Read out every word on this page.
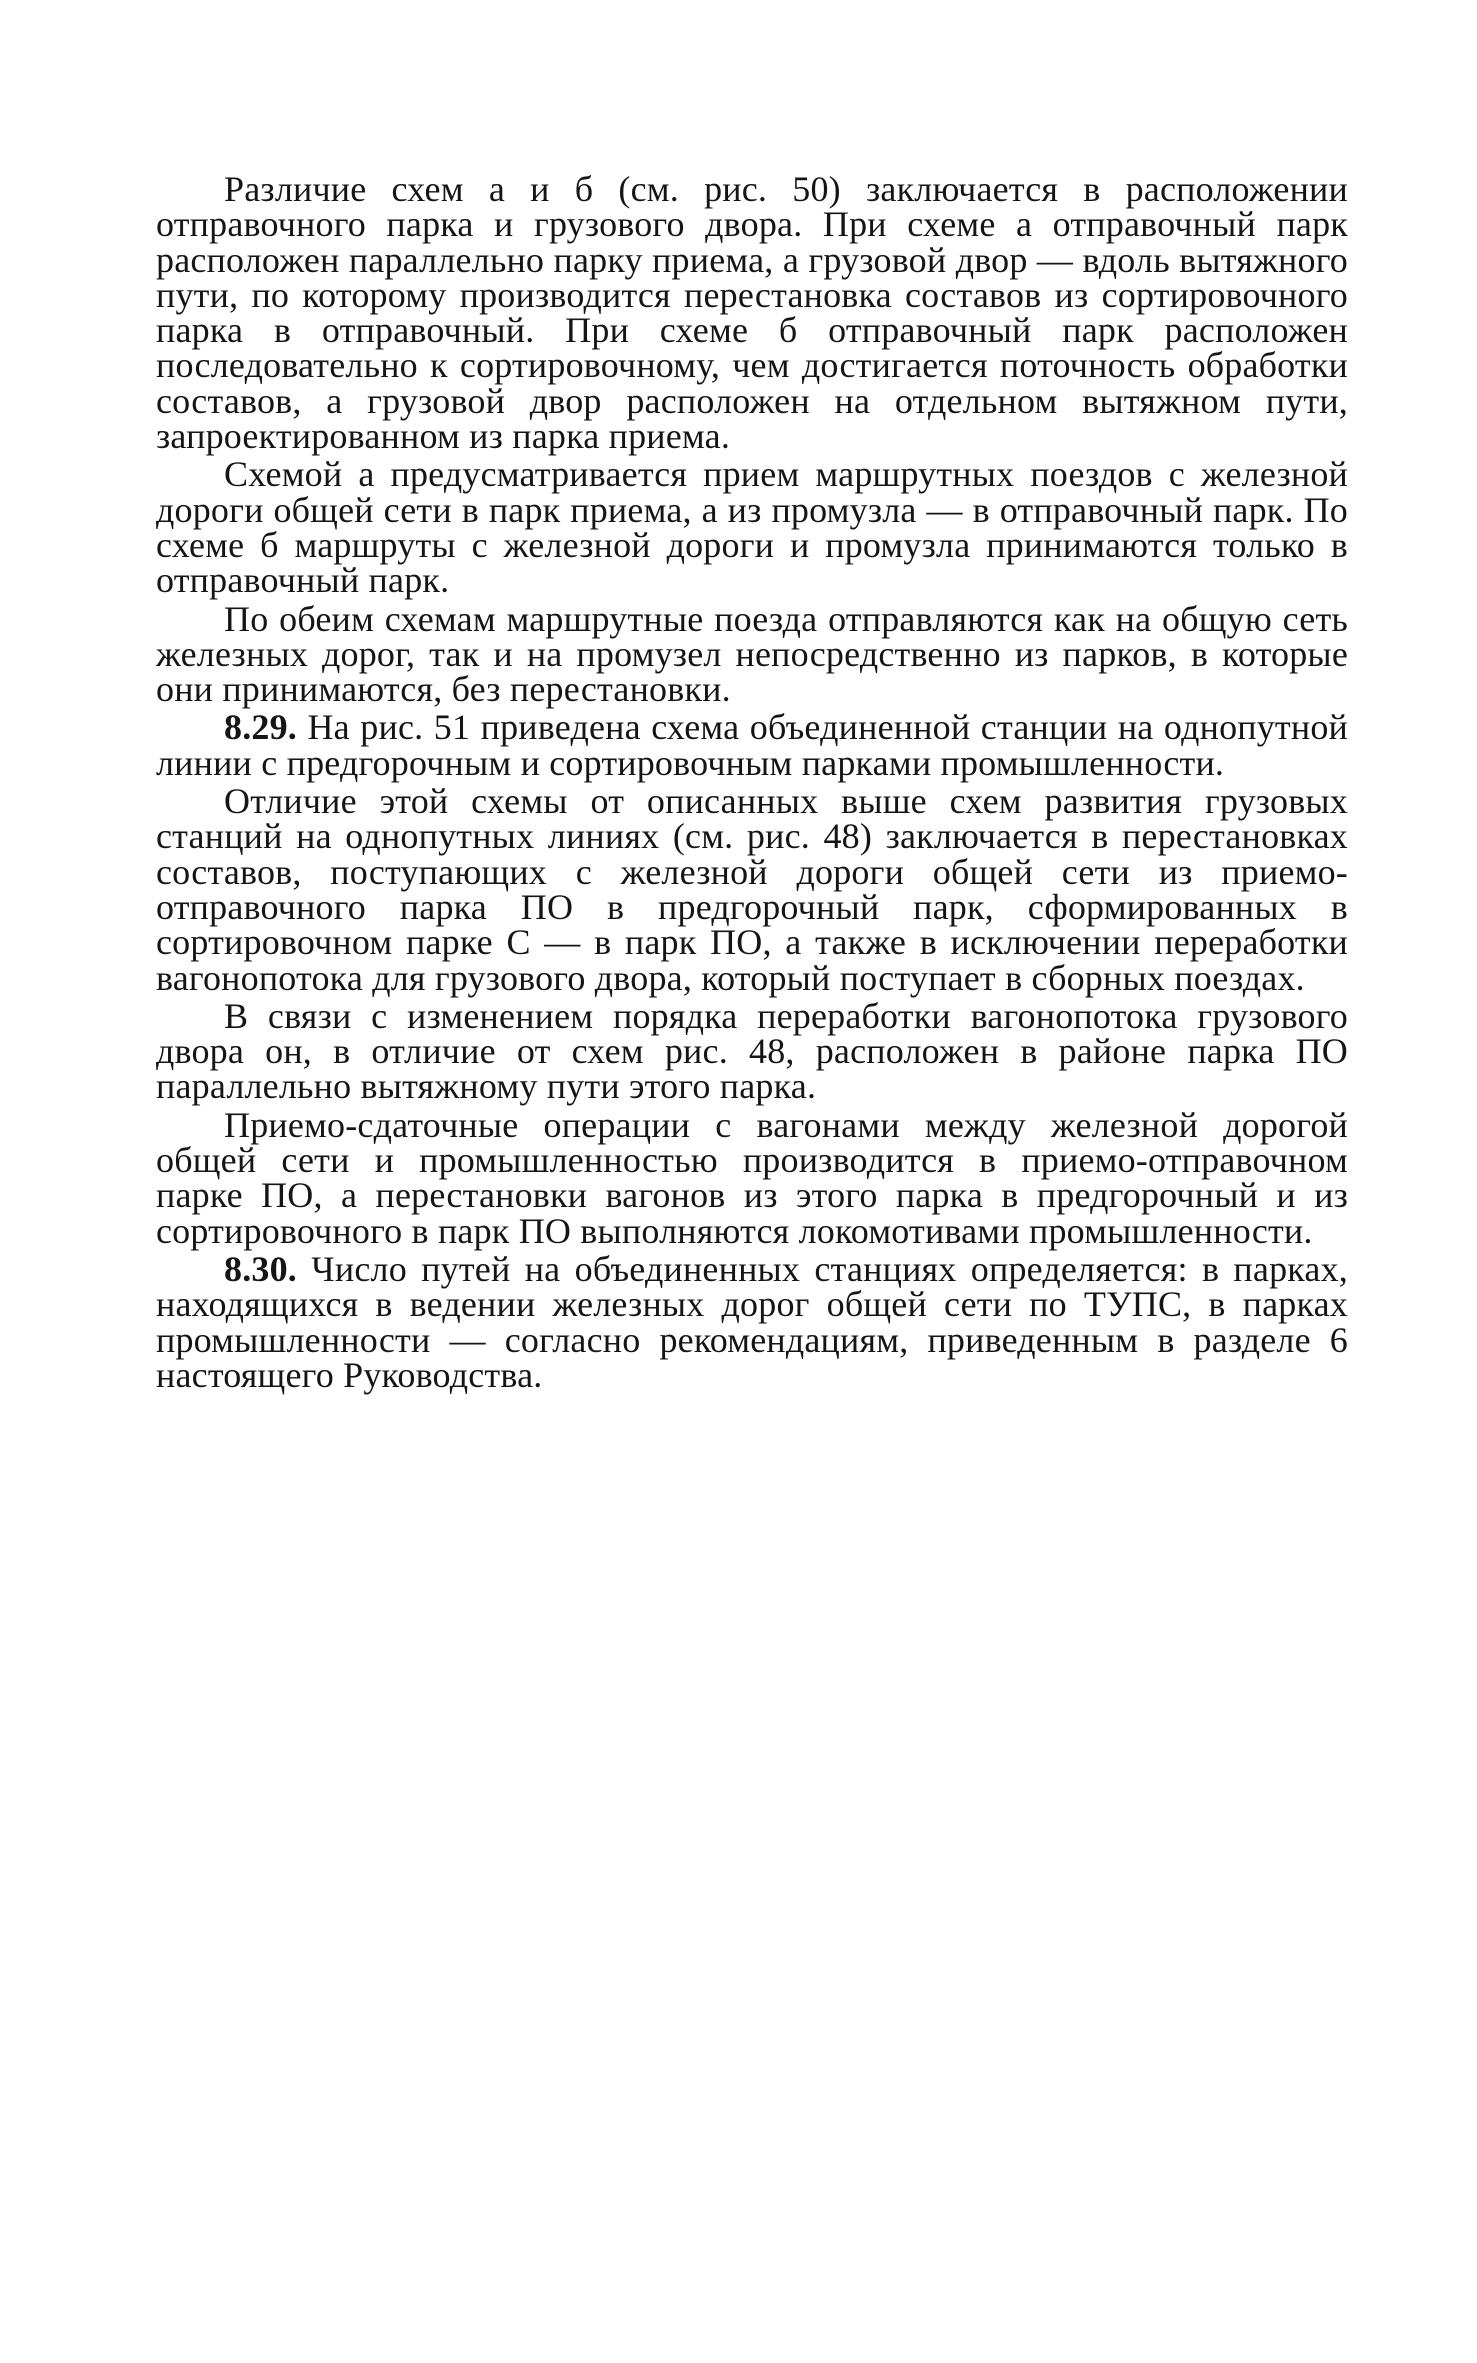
Различие схем а и б (см. рис. 50) заключается в расположении отправочного парка и грузового двора. При схеме а отправочный парк расположен параллельно парку приема, а грузовой двор — вдоль вытяжного пути, по которому производится перестановка составов из сортировочного парка в отправочный. При схеме б отправочный парк расположен последовательно к сортировочному, чем достигается поточность обработки составов, а грузовой двор расположен на отдельном вытяжном пути, запроектированном из парка приема.

Схемой а предусматривается прием маршрутных поездов с железной дороги общей сети в парк приема, а из промузла — в отправочный парк. По схеме б маршруты с железной дороги и промузла принимаются только в отправочный парк.

По обеим схемам маршрутные поезда отправляются как на общую сеть железных дорог, так и на промузел непосредственно из парков, в которые они принимаются, без перестановки.

8.29. На рис. 51 приведена схема объединенной станции на однопутной линии с предгорочным и сортировочным парками промышленности.

Отличие этой схемы от описанных выше схем развития грузовых станций на однопутных линиях (см. рис. 48) заключается в перестановках составов, поступающих с железной дороги общей сети из приемо-отправочного парка ПО в предгорочный парк, сформированных в сортировочном парке С — в парк ПО, а также в исключении переработки вагонопотока для грузового двора, который поступает в сборных поездах.

В связи с изменением порядка переработки вагонопотока грузового двора он, в отличие от схем рис. 48, расположен в районе парка ПО параллельно вытяжному пути этого парка.

Приемо-сдаточные операции с вагонами между железной дорогой общей сети и промышленностью производится в приемо-отправочном парке ПО, а перестановки вагонов из этого парка в предгорочный и из сортировочного в парк ПО выполняются локомотивами промышленности.

8.30. Число путей на объединенных станциях определяется: в парках, находящихся в ведении железных дорог общей сети по ТУПС, в парках промышленности — согласно рекомендациям, приведенным в разделе 6 настоящего Руководства.
